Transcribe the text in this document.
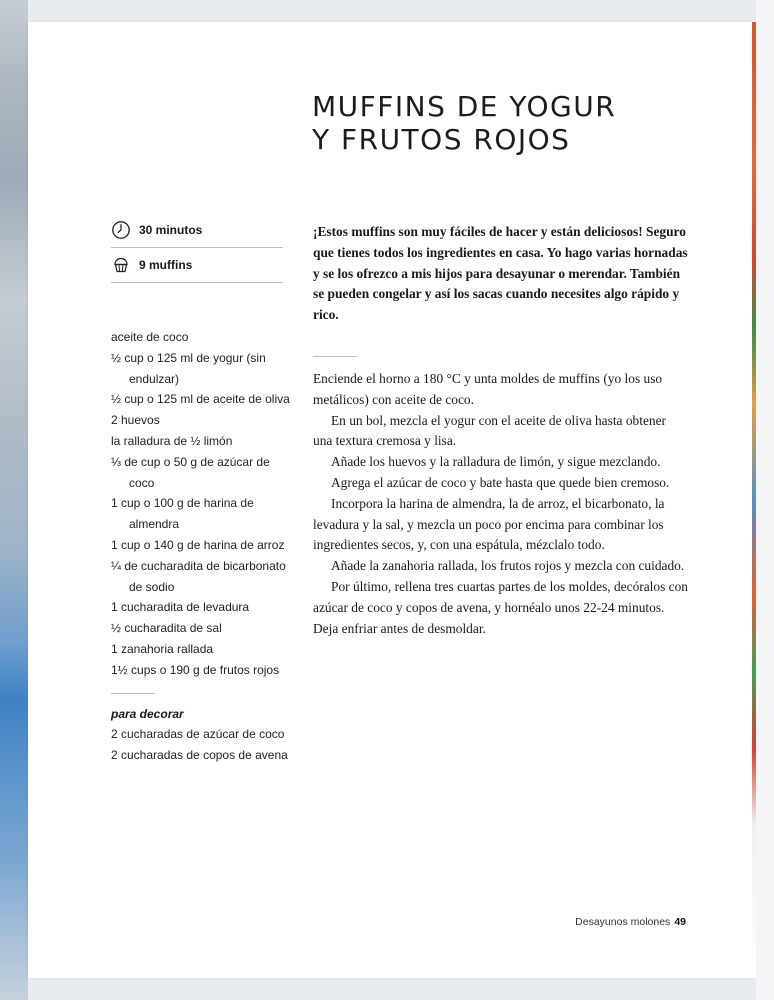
MUFFINS DE YOGUR
Y FRUTOS ROJOS
30 minutos
9 muffins
aceite de coco
½ cup o 125 ml de yogur (sin endulzar)
½ cup o 125 ml de aceite de oliva
2 huevos
la ralladura de ½ limón
⅓ de cup o 50 g de azúcar de coco
1 cup o 100 g de harina de almendra
1 cup o 140 g de harina de arroz
¼ de cucharadita de bicarbonato de sodio
1 cucharadita de levadura
½ cucharadita de sal
1 zanahoria rallada
1½ cups o 190 g de frutos rojos
para decorar
2 cucharadas de azúcar de coco
2 cucharadas de copos de avena

¡Estos muffins son muy fáciles de hacer y están deliciosos! Seguro que tienes todos los ingredientes en casa. Yo hago varias hornadas y se los ofrezco a mis hijos para desayunar o merendar. También se pueden congelar y así los sacas cuando necesites algo rápido y rico.

Enciende el horno a 180 °C y unta moldes de muffins (yo los uso metálicos) con aceite de coco.

En un bol, mezcla el yogur con el aceite de oliva hasta obtener una textura cremosa y lisa.

Añade los huevos y la ralladura de limón, y sigue mezclando.

Agrega el azúcar de coco y bate hasta que quede bien cremoso.

Incorpora la harina de almendra, la de arroz, el bicarbonato, la levadura y la sal, y mezcla un poco por encima para combinar los ingredientes secos, y, con una espátula, mézclalo todo.

Añade la zanahoria rallada, los frutos rojos y mezcla con cuidado.

Por último, rellena tres cuartas partes de los moldes, decóralos con azúcar de coco y copos de avena, y hornéalo unos 22-24 minutos. Deja enfriar antes de desmoldar.

Desayunos molones 49
